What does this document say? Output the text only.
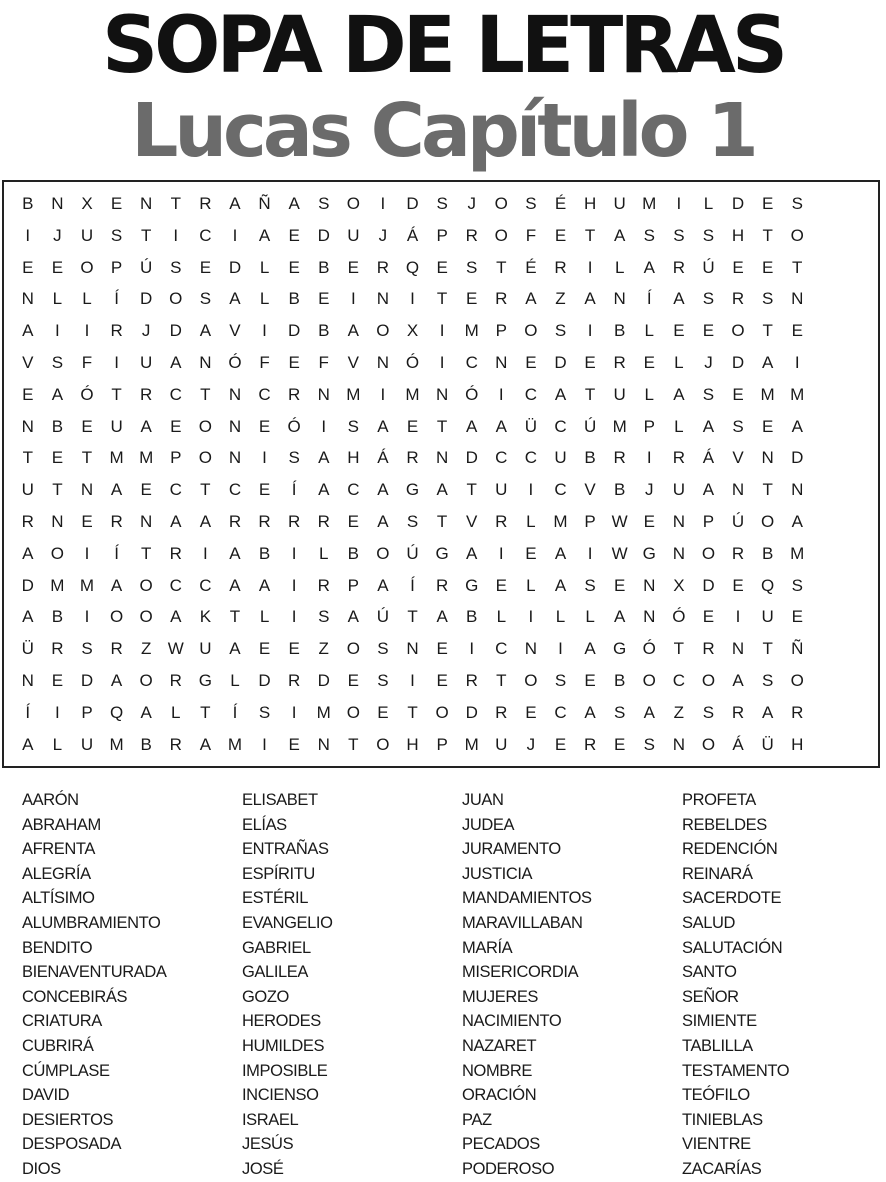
SOPA DE LETRAS
Lucas Capítulo 1
B	N	X	E	N	T	R	A	Ñ	A	S	O	I	D	S	J	O	S	É	H	U M	I	L	D	E	S
I	J	U	S	T	I	C	I	A	E	D	U	J	Á	P	R O	F	E	T	A	S	S	S	H	T	O
E	E	O	P	Ú	S	E	D	L	E	B	E	R Q	E	S	T	É	R	I	L	A	R	Ú	E	E	T
N	L	L	Í	D O	S	A	L	B	E	I	N	I	T	E	R	A	Z	A	N	Í	A	S	R	S	N
A	I	I	R	J	D	A	V	I	D	B	A	O	X	I	M P	O	S	I	B	L	E	E	O	T	E
V	S	F	I	U	A	N Ó	F	E	F	V	N Ó	I	C	N	E	D	E	R	E	L	J	D	A	I
E	A	Ó	T	R	C	T	N	C	R	N M	I	M N Ó	I	C	A	T	U	L	A	S	E M M
N	B	E	U	A	E	O N	E	Ó	I	S	A	E	T	A	A	Ü	C	Ú M P	L	A	S	E	A
T	E	T	M M P	O N	I	S	A	H	Á	R	N	D	C	C	U	B	R	I	R	Á	V	N	D
U	T	N	A	E	C	T	C	E	Í	A	C	A	G	A	T	U	I	C	V	B	J	U	A	N	T	N
R	N	E	R	N	A	A	R	R	R	R	E	A	S	T	V	R	L	M P W E	N	P	Ú O	A
A	O	I	Í	T	R	I	A	B	I	L	B	O Ú G	A	I	E	A	I	W G N O R	B M
D M M A	O C	C	A	A	I	R	P	A	Í	R G	E	L	A	S	E	N	X	D	E	Q	S
A	B	I	O O	A	K	T	L	I	S	A	Ú	T	A	B	L	I	L	L	A	N Ó	E	I	U	E
Ü	R	S	R	Z W U	A	E	E	Z	O	S	N	E	I	C	N	I	A	G Ó	T	R	N	T	Ñ
N	E	D	A	O R G	L	D	R	D	E	S	I	E	R	T	O	S	E	B	O C O	A	S	O
Í	I	P	Q	A	L	T	Í	S	I	M O	E	T	O D	R	E	C	A	S	A	Z	S	R	A	R
A	L	U M B	R	A M	I	E	N	T	O H	P M U	J	E	R	E	S	N O	Á	Ü	H
AARÓN
ABRAHAM
AFRENTA
ALEGRÍA
ALTÍSIMO
ALUMBRAMIENTO
BENDITO
BIENAVENTURADA
CONCEBIRÁS
CRIATURA
CUBRIRÁ
CÚMPLASE
DAVID
DESIERTOS
DESPOSADA
DIOS
ELISABET
ELÍAS
ENTRAÑAS
ESPÍRITU
ESTÉRIL
EVANGELIO
GABRIEL
GALILEA
GOZO
HERODES
HUMILDES
IMPOSIBLE
INCIENSO
ISRAEL
JESÚS
JOSÉ
JUAN
JUDEA
JURAMENTO
JUSTICIA
MANDAMIENTOS
MARAVILLABAN
MARÍA
MISERICORDIA
MUJERES
NACIMIENTO
NAZARET
NOMBRE
ORACIÓN
PAZ
PECADOS
PODEROSO
PROFETA
REBELDES
REDENCIÓN
REINARÁ
SACERDOTE
SALUD
SALUTACIÓN
SANTO
SEÑOR
SIMIENTE
TABLILLA
TESTAMENTO
TEÓFILO
TINIEBLAS
VIENTRE
ZACARÍAS
